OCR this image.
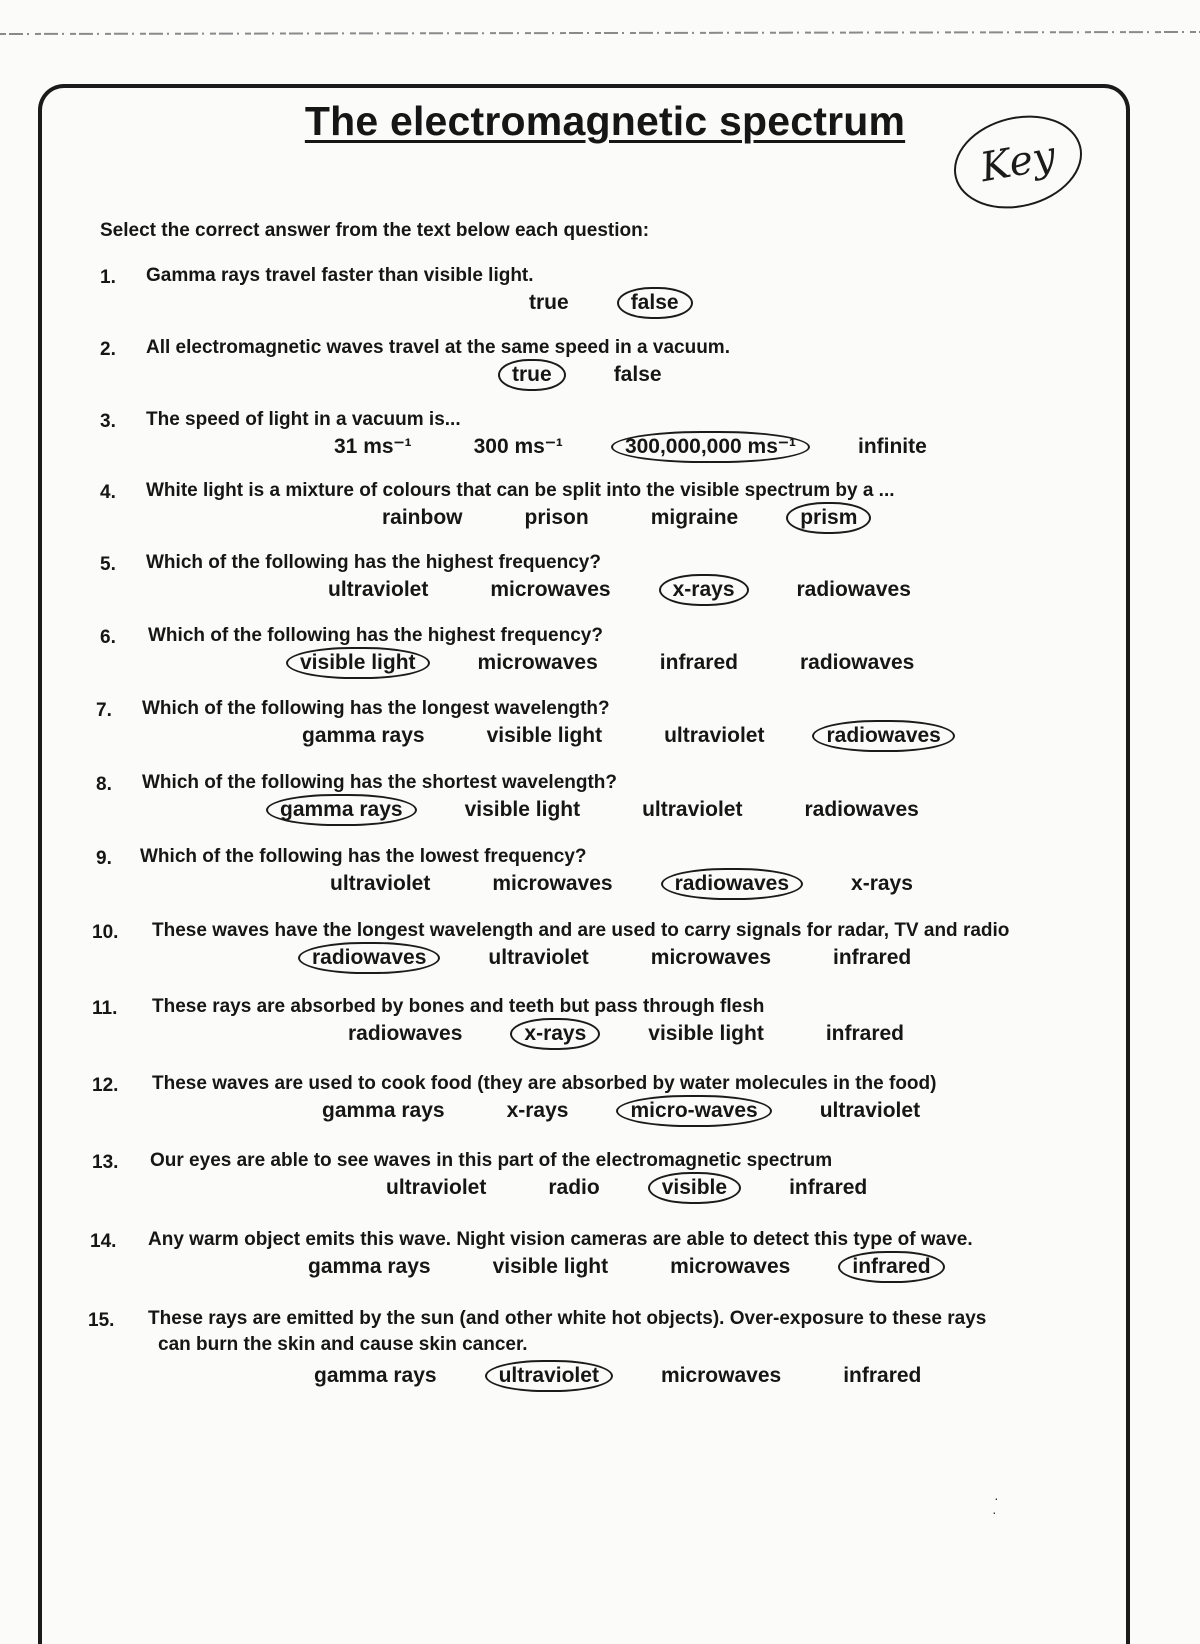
The electromagnetic spectrum
Key
Select the correct answer from the text below each question:
1. Gamma rays travel faster than visible light.
true	false
2. All electromagnetic waves travel at the same speed in a vacuum.
true	false
3. The speed of light in a vacuum is...
31 ms⁻¹	300 ms⁻¹	300,000,000 ms⁻¹	infinite
4. White light is a mixture of colours that can be split into the visible spectrum by a ...
rainbow	prison	migraine	prism
5. Which of the following has the highest frequency?
ultraviolet	microwaves	x-rays	radiowaves
6. Which of the following has the highest frequency?
visible light	microwaves	infrared	radiowaves
7. Which of the following has the longest wavelength?
gamma rays	visible light	ultraviolet	radiowaves
8. Which of the following has the shortest wavelength?
gamma rays	visible light	ultraviolet	radiowaves
9. Which of the following has the lowest frequency?
ultraviolet	microwaves	radiowaves	x-rays
10. These waves have the longest wavelength and are used to carry signals for radar, TV and radio
radiowaves	ultraviolet	microwaves	infrared
11. These rays are absorbed by bones and teeth but pass through flesh
radiowaves	x-rays	visible light	infrared
12. These waves are used to cook food (they are absorbed by water molecules in the food)
gamma rays	x-rays	micro-waves	ultraviolet
13. Our eyes are able to see waves in this part of the electromagnetic spectrum
ultraviolet	radio	visible	infrared
14. Any warm object emits this wave. Night vision cameras are able to detect this type of wave.
gamma rays	visible light	microwaves	infrared
15. These rays are emitted by the sun (and other white hot objects). Over-exposure to these rays
can burn the skin and cause skin cancer.
gamma rays	ultraviolet	microwaves	infrared
·
·
